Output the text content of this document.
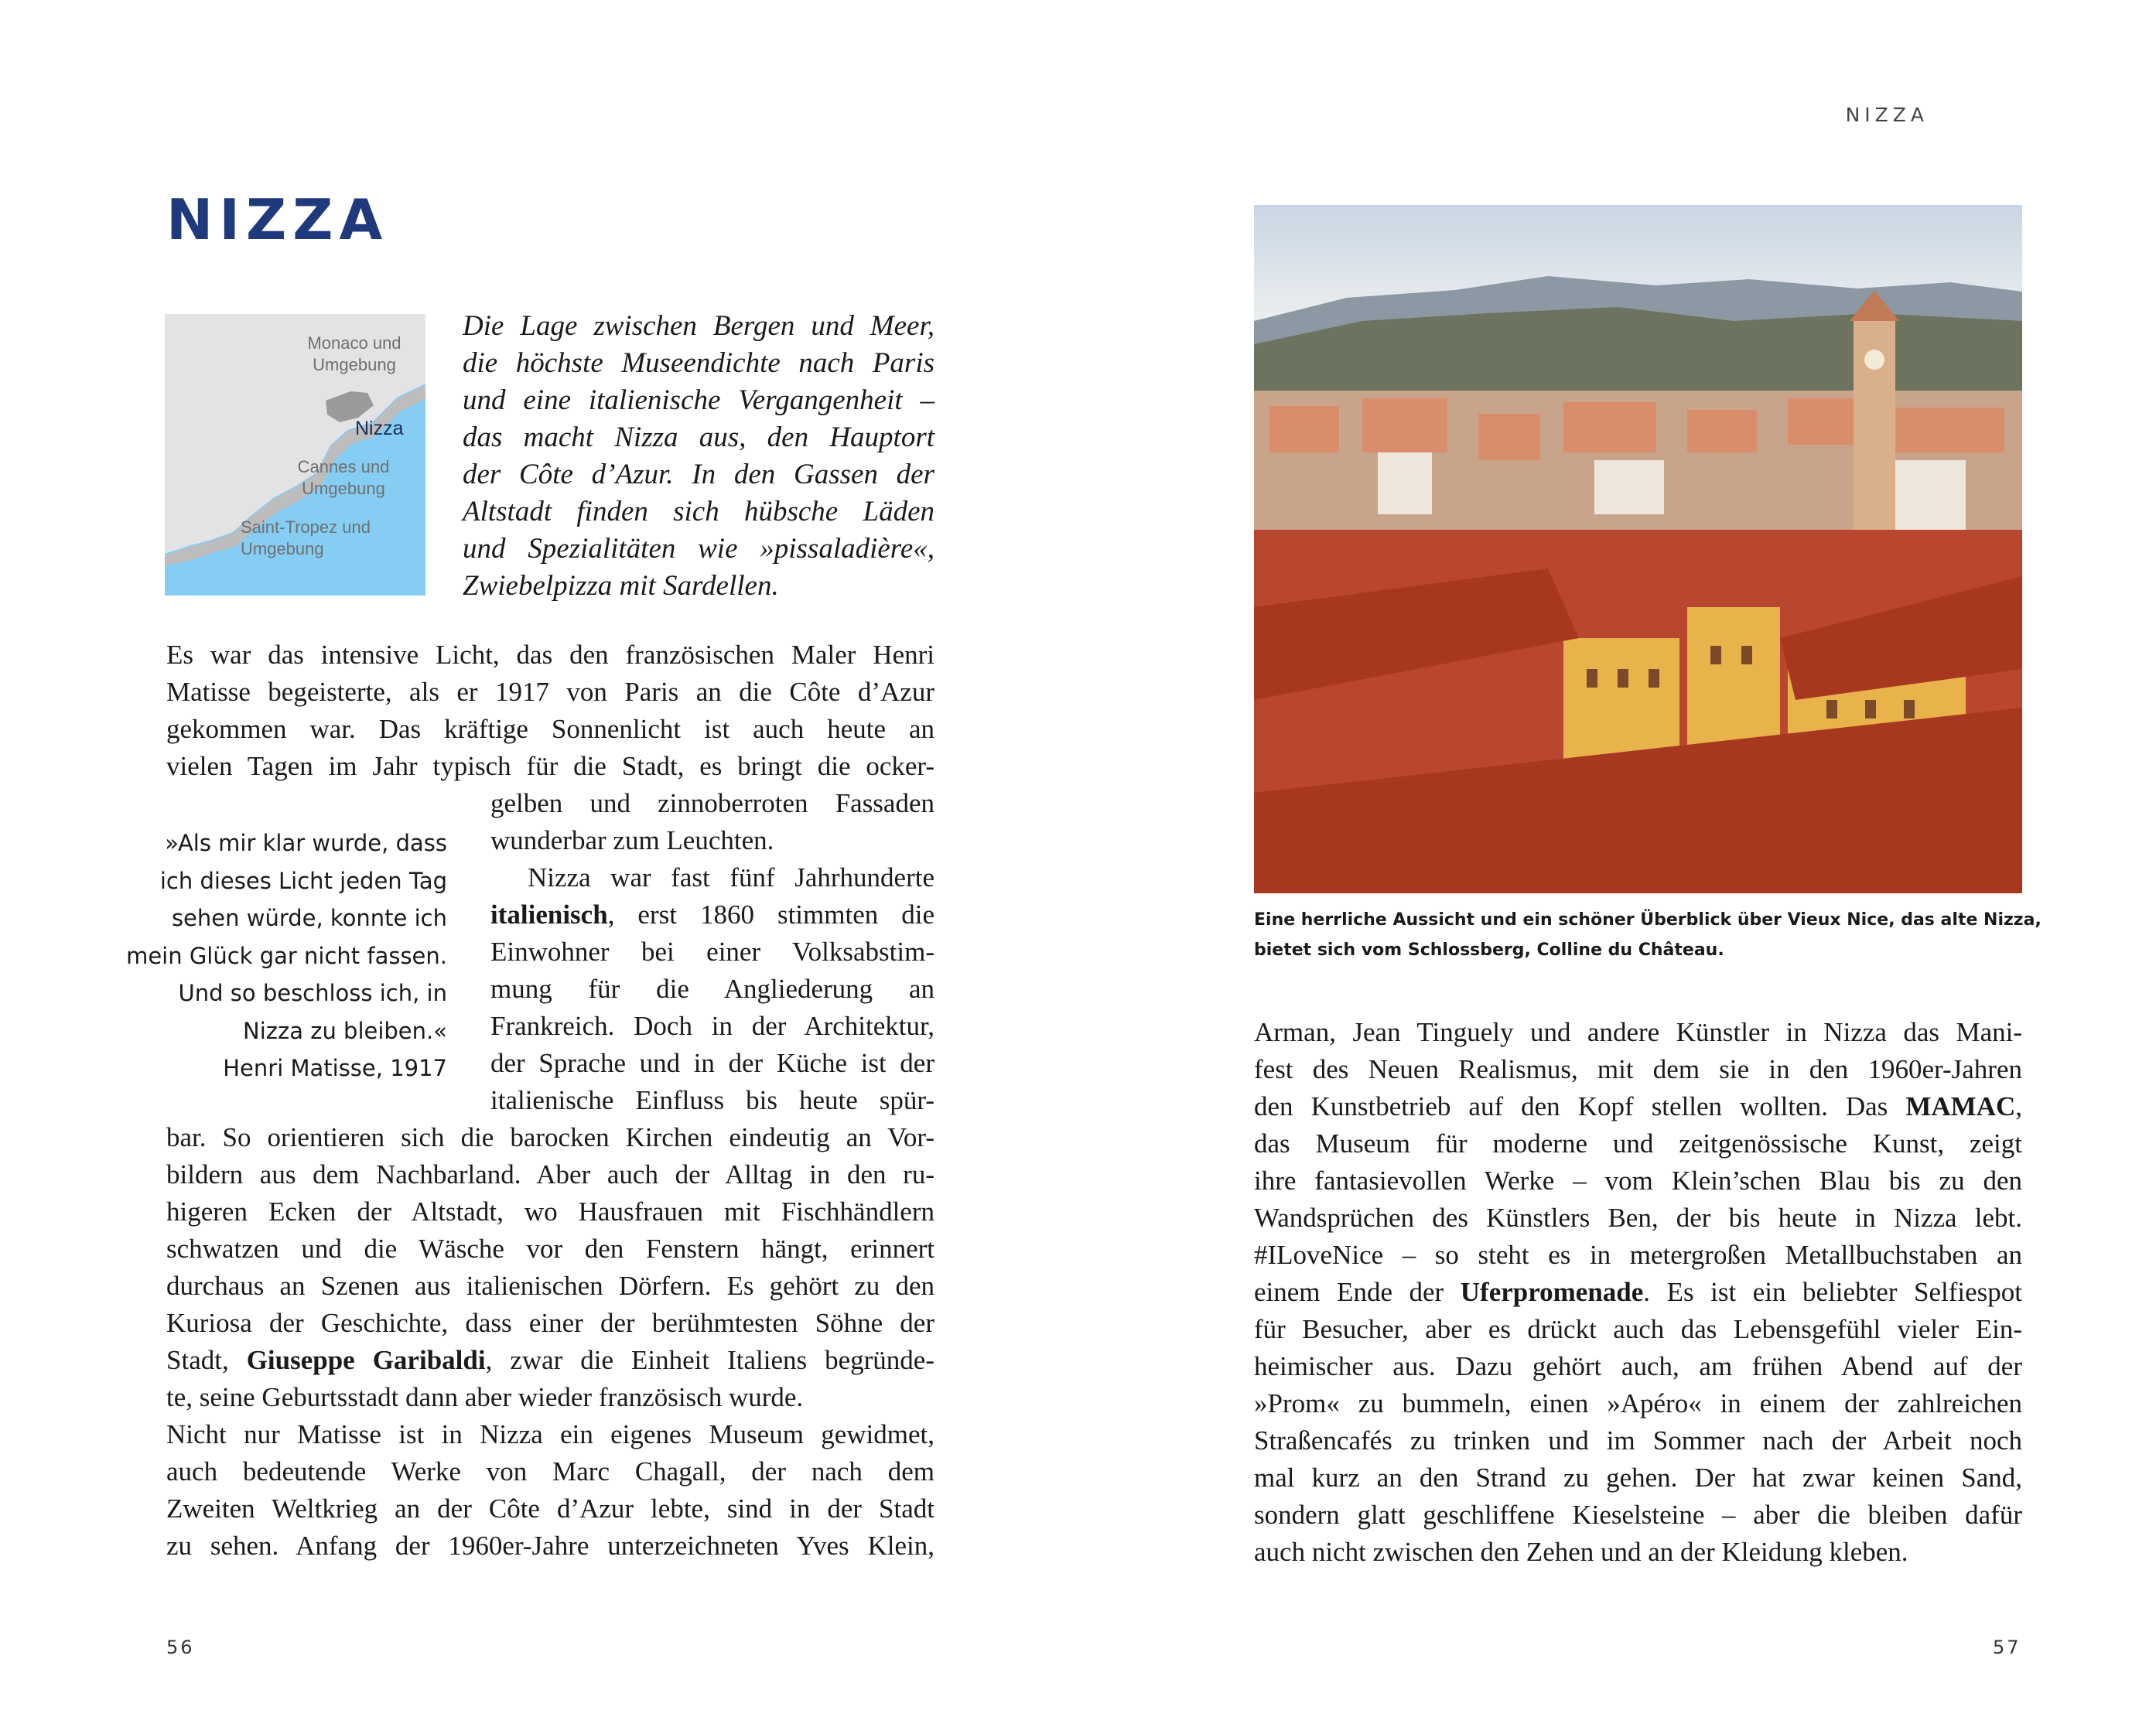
NIZZA
Monaco und
Umgebung
Nizza
Cannes und
Umgebung
Saint-Tropez und
Umgebung

Die Lage zwischen Bergen und Meer,
die höchste Museendichte nach Paris
und eine italienische Vergangenheit –
das macht Nizza aus, den Hauptort
der Côte d’Azur. In den Gassen der
Altstadt finden sich hübsche Läden
und Spezialitäten wie »pissaladière«,
Zwiebelpizza mit Sardellen.

Es war das intensive Licht, das den französischen Maler Henri
Matisse begeisterte, als er 1917 von Paris an die Côte d’Azur
gekommen war. Das kräftige Sonnenlicht ist auch heute an
vielen Tagen im Jahr typisch für die Stadt, es bringt die ocker-

gelben und zinnoberroten Fassaden
wunderbar zum Leuchten.
Nizza war fast fünf Jahrhunderte
italienisch, erst 1860 stimmten die
Einwohner bei einer Volksabstim-
mung für die Angliederung an
Frankreich. Doch in der Architektur,
der Sprache und in der Küche ist der
italienische Einfluss bis heute spür-

»Als mir klar wurde, dass
ich dieses Licht jeden Tag
sehen würde, konnte ich
mein Glück gar nicht fassen.
Und so beschloss ich, in
Nizza zu bleiben.«
Henri Matisse, 1917

bar. So orientieren sich die barocken Kirchen eindeutig an Vor-
bildern aus dem Nachbarland. Aber auch der Alltag in den ru-
higeren Ecken der Altstadt, wo Hausfrauen mit Fischhändlern
schwatzen und die Wäsche vor den Fenstern hängt, erinnert
durchaus an Szenen aus italienischen Dörfern. Es gehört zu den
Kuriosa der Geschichte, dass einer der berühmtesten Söhne der
Stadt, Giuseppe Garibaldi, zwar die Einheit Italiens begründe-
te, seine Geburtsstadt dann aber wieder französisch wurde.

Nicht nur Matisse ist in Nizza ein eigenes Museum gewidmet,
auch bedeutende Werke von Marc Chagall, der nach dem
Zweiten Weltkrieg an der Côte d’Azur lebte, sind in der Stadt
zu sehen. Anfang der 1960er-Jahre unterzeichneten Yves Klein,

56
NIZZA
Eine herrliche Aussicht und ein schöner Überblick über Vieux Nice, das alte Nizza,
bietet sich vom Schlossberg, Colline du Château.

Arman, Jean Tinguely und andere Künstler in Nizza das Mani-
fest des Neuen Realismus, mit dem sie in den 1960er-Jahren
den Kunstbetrieb auf den Kopf stellen wollten. Das MAMAC,
das Museum für moderne und zeitgenössische Kunst, zeigt
ihre fantasievollen Werke – vom Klein’schen Blau bis zu den
Wandsprüchen des Künstlers Ben, der bis heute in Nizza lebt.
#ILoveNice – so steht es in metergroßen Metallbuchstaben an
einem Ende der Uferpromenade. Es ist ein beliebter Selfiespot
für Besucher, aber es drückt auch das Lebensgefühl vieler Ein-
heimischer aus. Dazu gehört auch, am frühen Abend auf der
»Prom« zu bummeln, einen »Apéro« in einem der zahlreichen
Straßencafés zu trinken und im Sommer nach der Arbeit noch
mal kurz an den Strand zu gehen. Der hat zwar keinen Sand,
sondern glatt geschliffene Kieselsteine – aber die bleiben dafür
auch nicht zwischen den Zehen und an der Kleidung kleben.

57
